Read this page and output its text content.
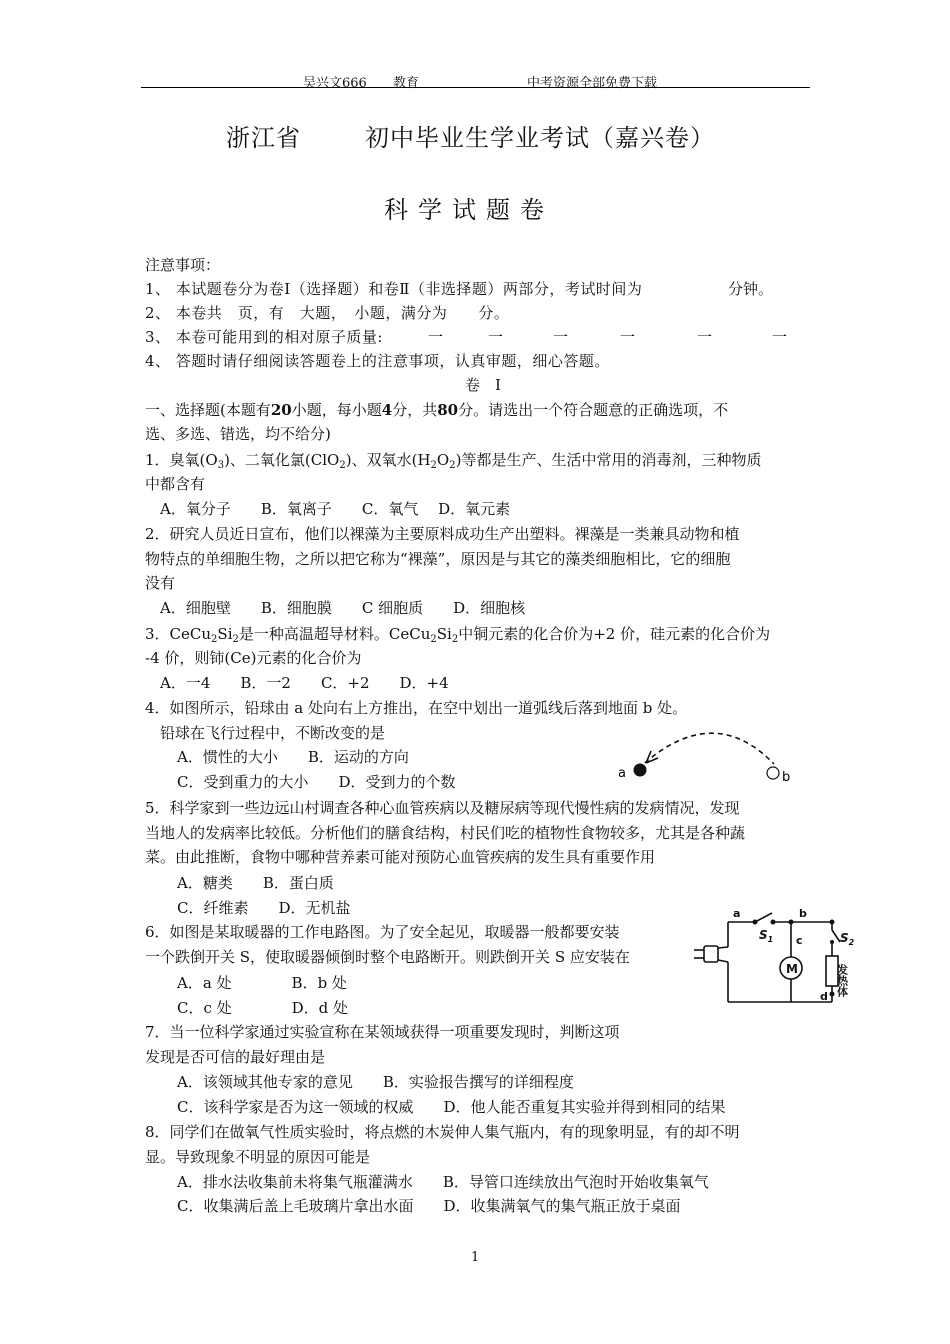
吴兴文666 教育	中考资源全部免费下载
浙江省	初中毕业生学业考试（嘉兴卷）
科学试题卷
注意事项：
1、 本试题卷分为卷Ⅰ（选择题）和卷Ⅱ（非选择题）两部分，考试时间为	分钟。
2、 本卷共　页，有　大题，　小题，满分为　　分。
3、 本卷可能用到的相对原子质量:	一	一	一	一	一	一
4、 答题时请仔细阅读答题卷上的注意事项，认真审题，细心答题。
卷　Ⅰ
一、选择题(本题有20小题，每小题4分，共80分。请选出一个符合题意的正确选项，不
选、多选、错选，均不给分)
1．臭氧$(O_3)$、二氧化氯(ClO$_2$)、双氧水$(H_2O_2)$等都是生产、生活中常用的消毒剂，三种物质
中都含有
A．氧分子　　B．氧离子　　C．氧气　 D．氧元素
2．研究人员近日宣布，他们以裸藻为主要原料成功生产出塑料。裸藻是一类兼具动物和植
物特点的单细胞生物，之所以把它称为“裸藻”，原因是与其它的藻类细胞相比，它的细胞
没有
A．细胞壁　　B．细胞膜　　C 细胞质　　D．细胞核
3．$CeCu_2Si_2$是一种高温超导材料。$CeCu_2Si_2$中铜元素的化合价为+2 价，硅元素的化合价为
-4 价，则铈(Ce)元素的化合价为
A．一4　　B．一2　　C．+2　　D．+4
4．如图所示，铅球由 a 处向右上方推出，在空中划出一道弧线后落到地面 b 处。
铅球在飞行过程中，不断改变的是
A．惯性的大小　　B．运动的方向
C．受到重力的大小　　D．受到力的个数	a	b
5．科学家到一些边远山村调查各种心血管疾病以及糖尿病等现代慢性病的发病情况，发现
当地人的发病率比较低。分析他们的膳食结构，村民们吃的植物性食物较多，尤其是各种蔬
菜。由此推断，食物中哪种营养素可能对预防心血管疾病的发生具有重要作用
A．糖类　　B．蛋白质
C．纤维素　　D．无机盐
6．如图是某取暖器的工作电路图。为了安全起见，取暖器一般都要安装
一个跌倒开关 S，使取暖器倾倒时整个电路断开。则跌倒开关 S 应安装在
A．a 处　　　　B．b 处
C．c 处　　　　D．d 处
a	b
c
d
$S_1$	$S_2$
M	发热体
7．当一位科学家通过实验宣称在某领域获得一项重要发现时，判断这项
发现是否可信的最好理由是
A．该领域其他专家的意见　　B．实验报告撰写的详细程度
C．该科学家是否为这一领域的权威　　D．他人能否重复其实验并得到相同的结果
8．同学们在做氧气性质实验时，将点燃的木炭伸人集气瓶内，有的现象明显，有的却不明
显。导致现象不明显的原因可能是
A．排水法收集前未将集气瓶灌满水　　B．导管口连续放出气泡时开始收集氧气
C．收集满后盖上毛玻璃片拿出水面　　D．收集满氧气的集气瓶正放于桌面
1
